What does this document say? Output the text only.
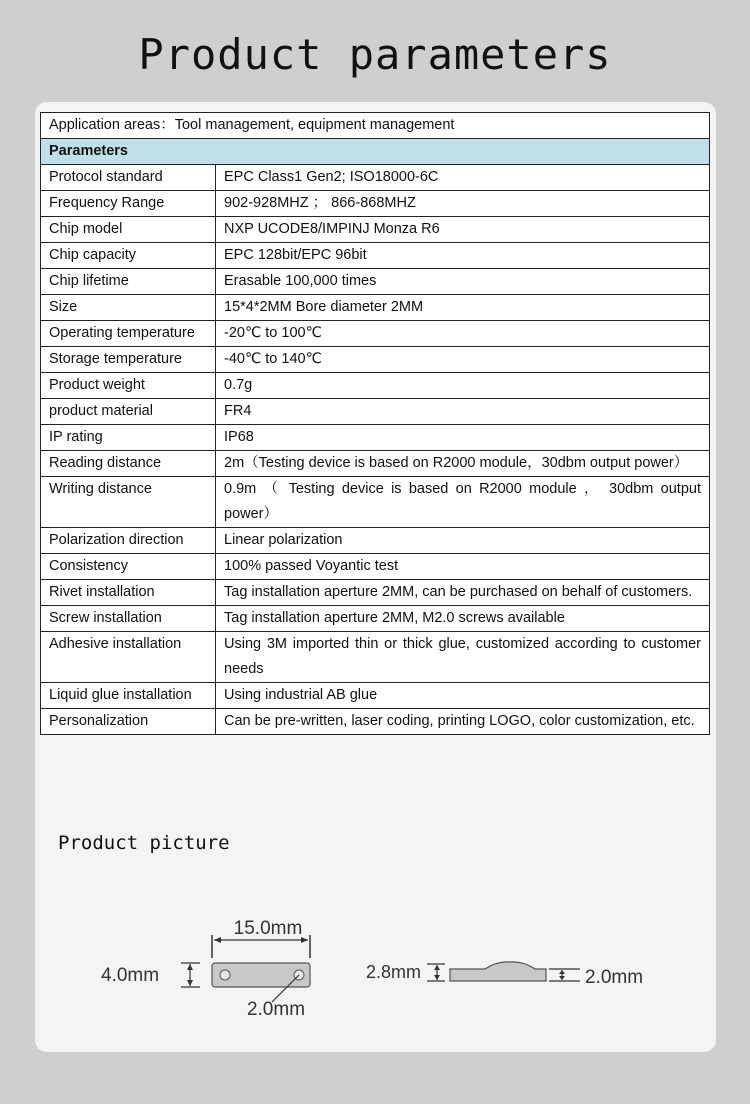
Product parameters
Application areas：Tool management, equipment management	
Parameters	
Protocol standard	EPC Class1 Gen2; ISO18000-6C
Frequency Range	902-928MHZ ； 866-868MHZ
Chip model	NXP UCODE8/IMPINJ Monza R6
Chip capacity	EPC 128bit/EPC 96bit
Chip lifetime	Erasable 100,000 times
Size	15*4*2MM Bore diameter 2MM
Operating temperature	-20℃ to 100℃
Storage temperature	-40℃ to 140℃
Product weight	0.7g
product material	FR4
IP rating	IP68
Reading distance	2m（Testing device is based on R2000 module，30dbm output power）
Writing distance	0.9m （ Testing device is based on R2000 module ， 30dbm output power）
Polarization direction	Linear polarization
Consistency	100% passed Voyantic test
Rivet installation	Tag installation aperture 2MM, can be purchased on behalf of customers.
Screw installation	Tag installation aperture 2MM, M2.0 screws available
Adhesive installation	Using 3M imported thin or thick glue, customized according to customer needs
Liquid glue installation	Using industrial AB glue
Personalization	Can be pre-written, laser coding, printing LOGO, color customization, etc.
Product picture
15.0mm
4.0mm
2.0mm
2.8mm	2.0mm
